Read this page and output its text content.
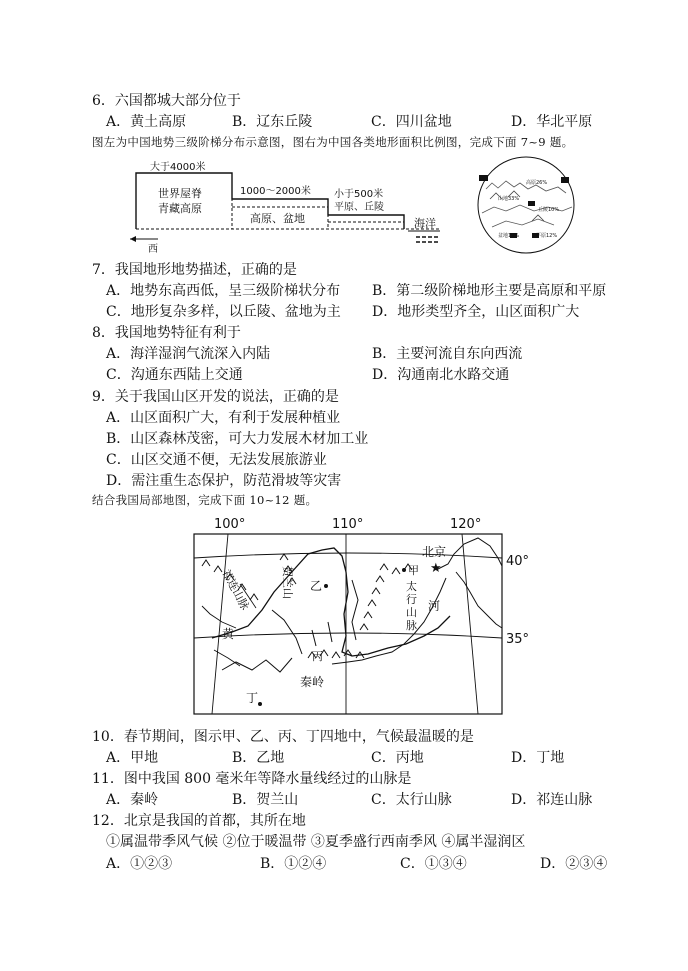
6．六国都城大部分位于
A．黄土高原	B．辽东丘陵	C．四川盆地	D．华北平原
图左为中国地势三级阶梯分布示意图，图右为中国各类地形面积比例图，完成下面 7~9 题。
大于4000米
世界屋脊
青藏高原
1000～2000米
高原、盆地
小于500米
平原、丘陵
海洋
西
山地33%
高原26%
盆地19%
丘陵10%
平原12%
7．我国地形地势描述，正确的是
A．地势东高西低，呈三级阶梯状分布 B．第二级阶梯地形主要是高原和平原
C．地形复杂多样，以丘陵、盆地为主 D．地形类型齐全，山区面积广大
8．我国地势特征有利于
A．海洋湿润气流深入内陆	B．主要河流自东向西流
C．沟通东西陆上交通	D．沟通南北水路交通
9．关于我国山区开发的说法，正确的是
A．山区面积广大，有利于发展种植业
B．山区森林茂密，可大力发展木材加工业
C．山区交通不便，无法发展旅游业
D．需注重生态保护，防范滑坡等灾害
结合我国局部地图，完成下面 10~12 题。
100°	110°	120°
40°
35°
祁连山脉	贺兰山	太行山脉
河
黄
秦岭
北京
★
甲
乙
丙
丁
10．春节期间，图示甲、乙、丙、丁四地中，气候最温暖的是
A．甲地	B．乙地	C．丙地	D．丁地
11．图中我国 800 毫米年等降水量线经过的山脉是
A．秦岭	B．贺兰山	C．太行山脉	D．祁连山脉
12．北京是我国的首都，其所在地
①属温带季风气候 ②位于暖温带 ③夏季盛行西南季风 ④属半湿润区
A．①②③	B．①②④	C．①③④	D．②③④
